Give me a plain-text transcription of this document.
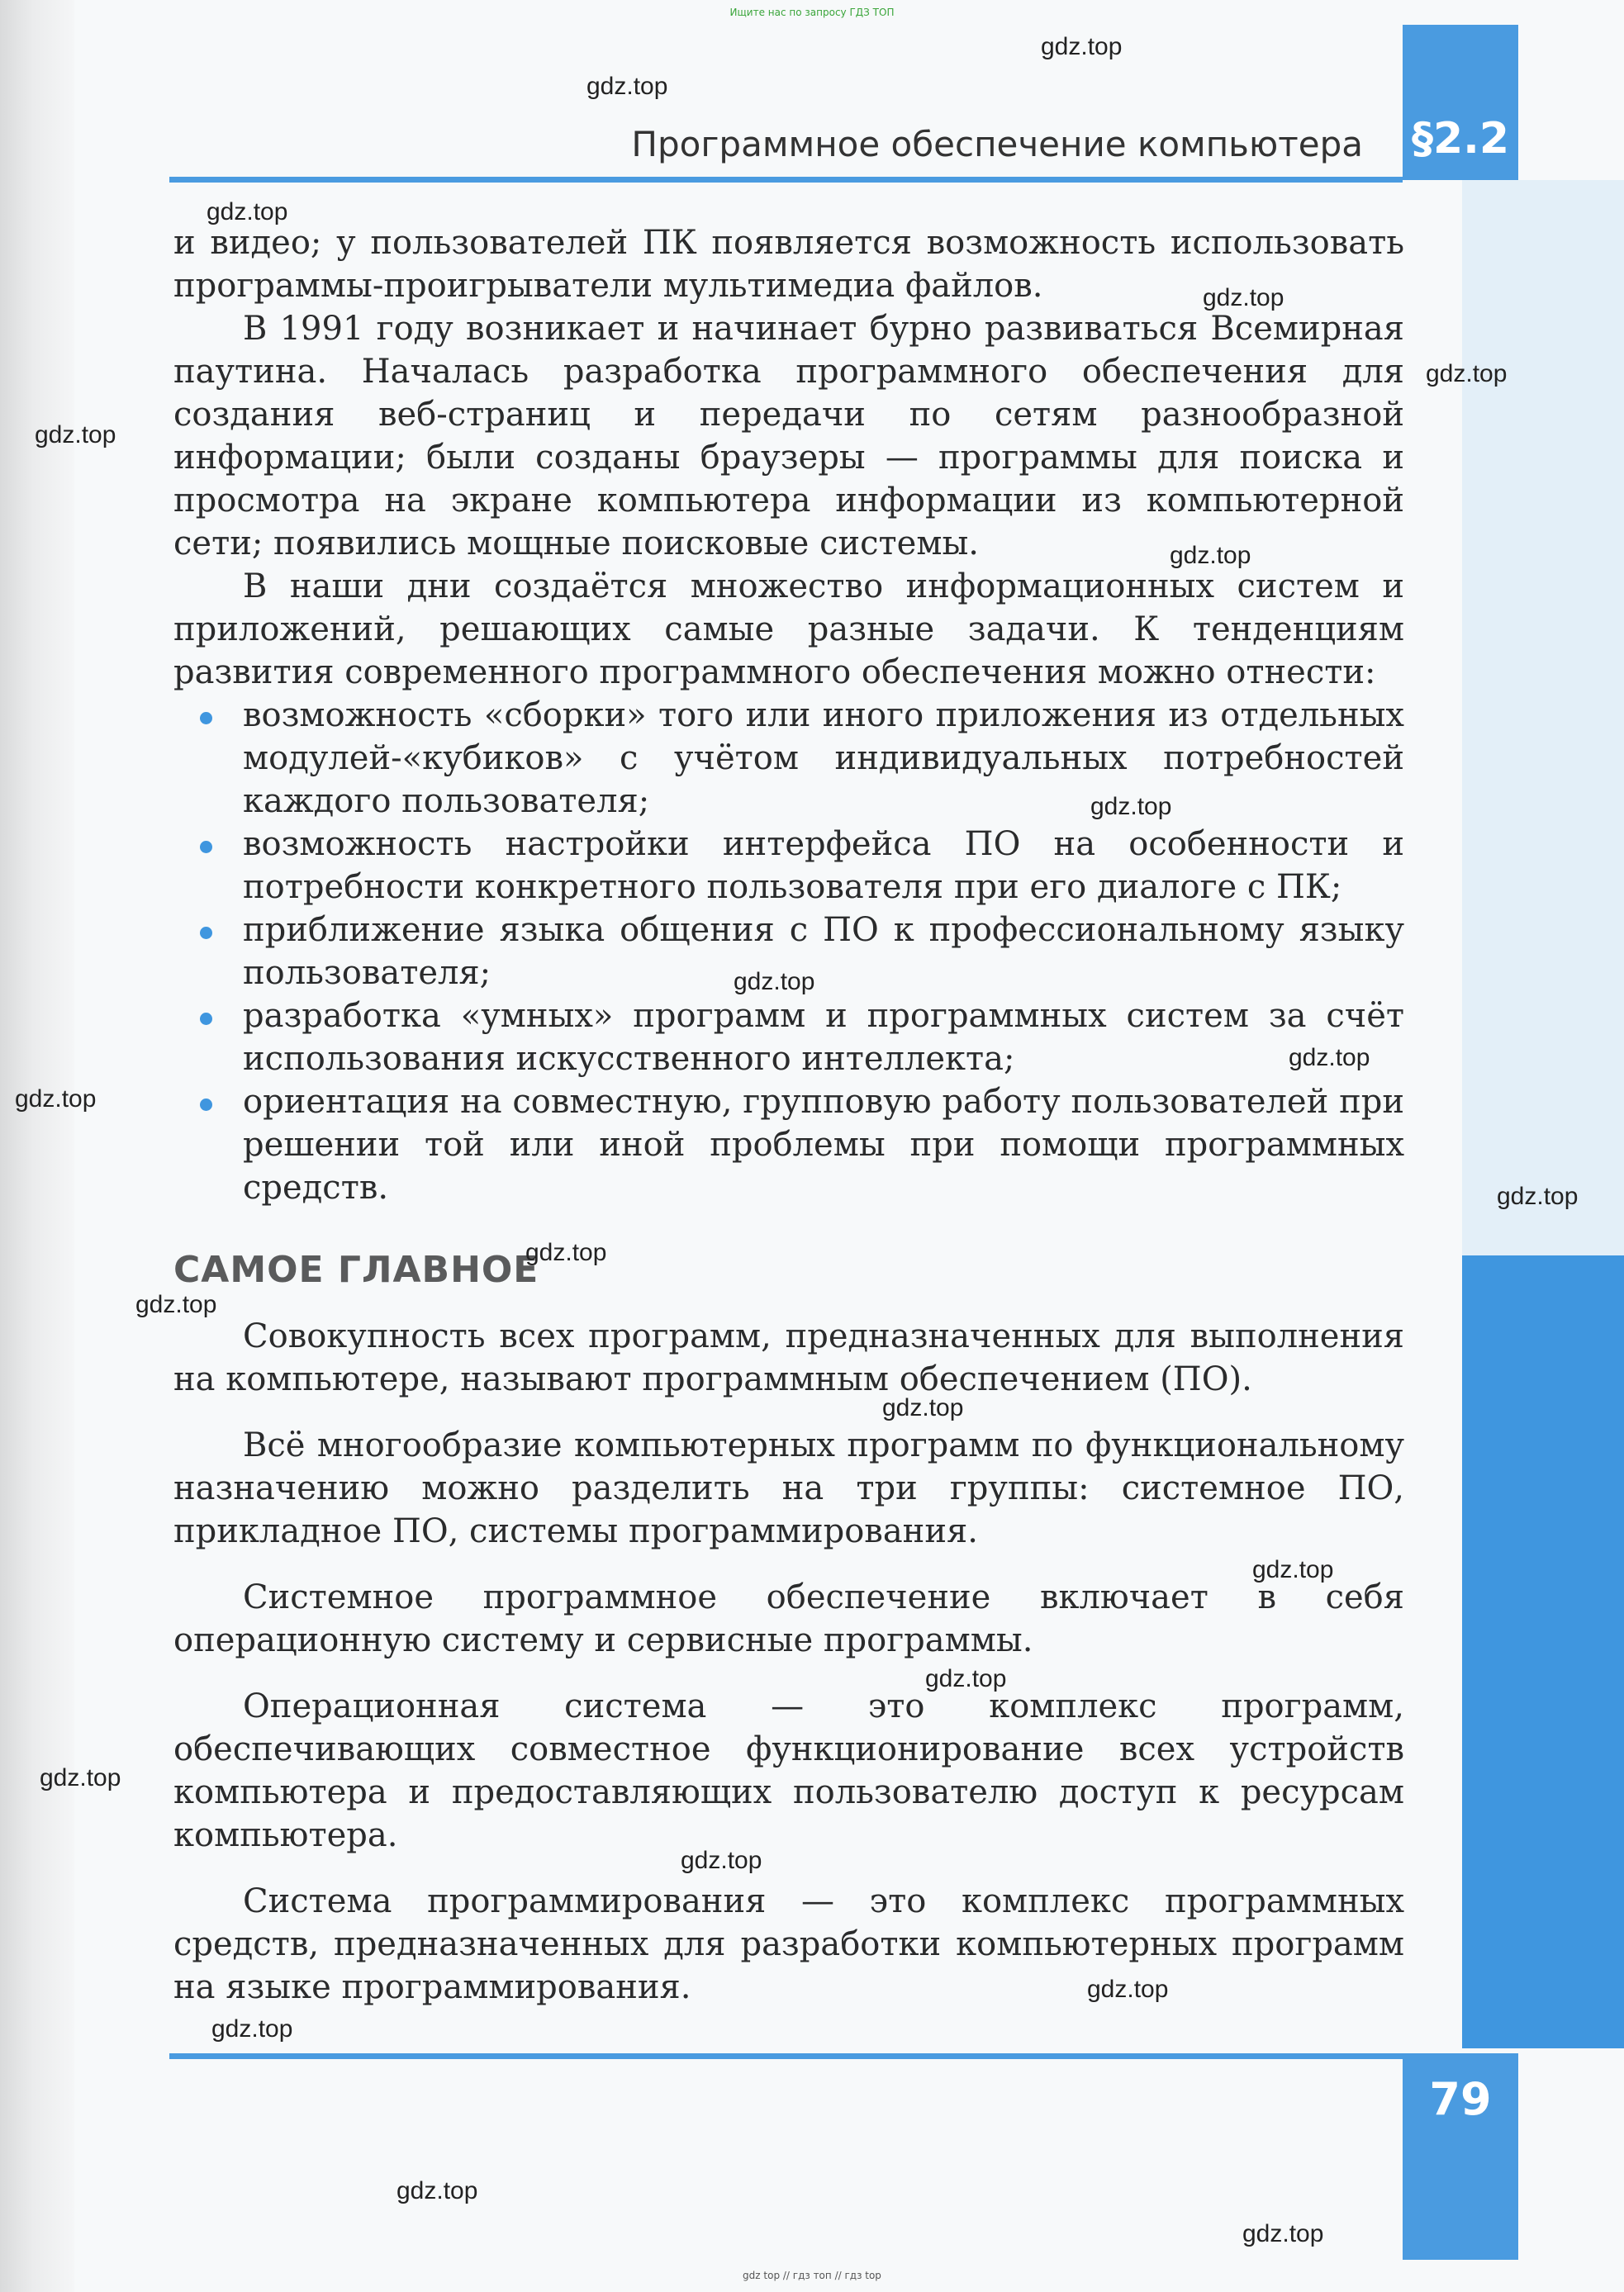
Ищите нас по запросу ГДЗ ТОП
§2.2
Программное обеспечение компьютера

и видео; у пользователей ПК появляется возможность использовать программы-проигрыватели мультимедиа файлов.

В 1991 году возникает и начинает бурно развиваться Всемирная паутина. Началась разработка программного обеспечения для создания веб-страниц и передачи по сетям разнообразной информации; были созданы браузеры — программы для поиска и просмотра на экране компьютера информации из компьютерной сети; появились мощные поисковые системы.

В наши дни создаётся множество информационных систем и приложений, решающих самые разные задачи. К тенденциям развития современного программного обеспечения можно отнести:

возможность «сборки» того или иного приложения из отдельных модулей-«кубиков» с учётом индивидуальных потребностей каждого пользователя;
возможность настройки интерфейса ПО на особенности и потребности конкретного пользователя при его диалоге с ПК;
приближение языка общения с ПО к профессиональному языку пользователя;
разработка «умных» программ и программных систем за счёт использования искусственного интеллекта;
ориентация на совместную, групповую работу пользователей при решении той или иной проблемы при помощи программных средств.
САМОЕ ГЛАВНОЕ

Совокупность всех программ, предназначенных для выполнения на компьютере, называют программным обеспечением (ПО).

Всё многообразие компьютерных программ по функциональному назначению можно разделить на три группы: системное ПО, прикладное ПО, системы программирования.

Системное программное обеспечение включает в себя операционную систему и сервисные программы.

Операционная система — это комплекс программ, обеспечивающих совместное функционирование всех устройств компьютера и предоставляющих пользователю доступ к ресурсам компьютера.

Система программирования — это комплекс программных средств, предназначенных для разработки компьютерных программ на языке программирования.

79
gdz top // гдз топ // гдз top
gdz.top
gdz.top
gdz.top
gdz.top
gdz.top
gdz.top
gdz.top
gdz.top
gdz.top
gdz.top
gdz.top
gdz.top
gdz.top
gdz.top
gdz.top
gdz.top
gdz.top
gdz.top
gdz.top
gdz.top
gdz.top
gdz.top
gdz.top
